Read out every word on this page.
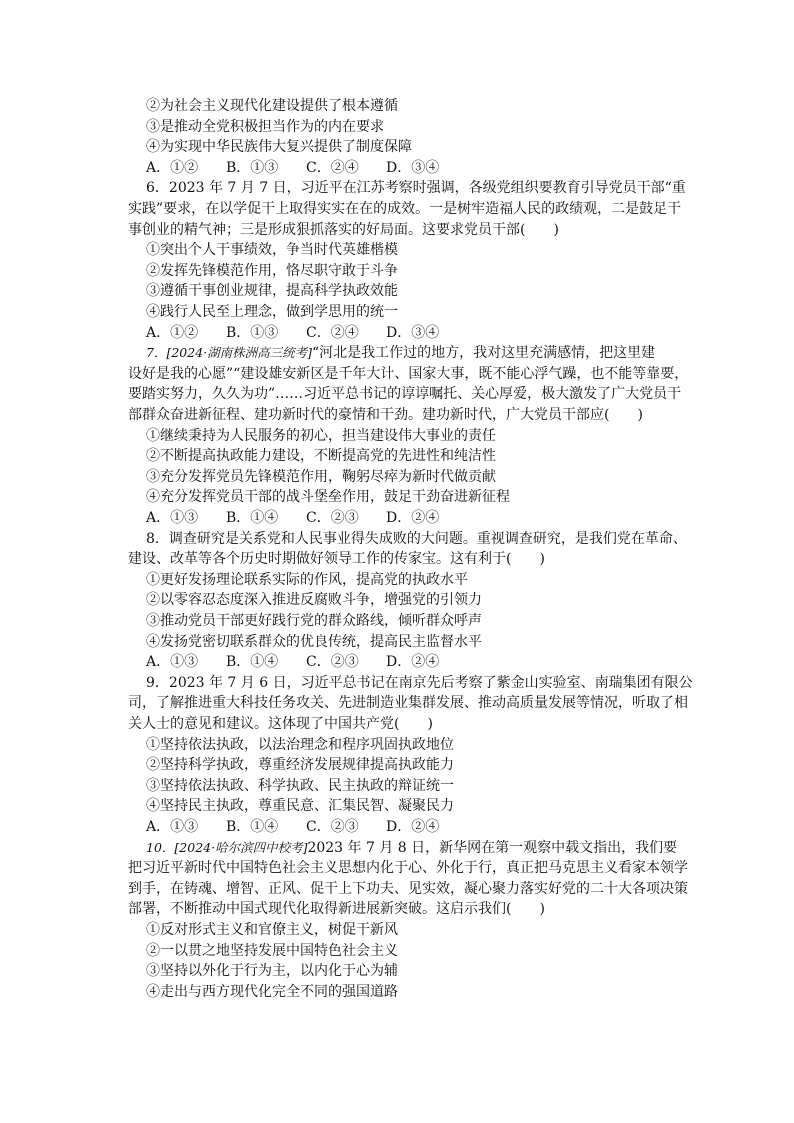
②为社会主义现代化建设提供了根本遵循
③是推动全党积极担当作为的内在要求
④为实现中华民族伟大复兴提供了制度保障
A．①② B．①③ C．②④ D．③④
6．2023 年 7 月 7 日，习近平在江苏考察时强调，各级党组织要教育引导党员干部“重
实践”要求，在以学促干上取得实实在在的成效。一是树牢造福人民的政绩观，二是鼓足干
事创业的精气神；三是形成狠抓落实的好局面。这要求党员干部(　　)
①突出个人干事绩效，争当时代英雄楷模
②发挥先锋模范作用，恪尽职守敢于斗争
③遵循干事创业规律，提高科学执政效能
④践行人民至上理念，做到学思用的统一
A．①② B．①③ C．②④ D．③④
7．[2024·湖南株洲高三统考]“河北是我工作过的地方，我对这里充满感情，把这里建
设好是我的心愿”“建设雄安新区是千年大计、国家大事，既不能心浮气躁，也不能等靠要，
要踏实努力，久久为功”……习近平总书记的谆谆嘱托、关心厚爱，极大激发了广大党员干
部群众奋进新征程、建功新时代的豪情和干劲。建功新时代，广大党员干部应(　　)
①继续秉持为人民服务的初心，担当建设伟大事业的责任
②不断提高执政能力建设，不断提高党的先进性和纯洁性
③充分发挥党员先锋模范作用，鞠躬尽瘁为新时代做贡献
④充分发挥党员干部的战斗堡垒作用，鼓足干劲奋进新征程
A．①③ B．①④ C．②③ D．②④
8．调查研究是关系党和人民事业得失成败的大问题。重视调查研究，是我们党在革命、
建设、改革等各个历史时期做好领导工作的传家宝。这有利于(　　)
①更好发扬理论联系实际的作风，提高党的执政水平
②以零容忍态度深入推进反腐败斗争，增强党的引领力
③推动党员干部更好践行党的群众路线，倾听群众呼声
④发扬党密切联系群众的优良传统，提高民主监督水平
A．①③ B．①④ C．②③ D．②④
9．2023 年 7 月 6 日，习近平总书记在南京先后考察了紫金山实验室、南瑞集团有限公
司，了解推进重大科技任务攻关、先进制造业集群发展、推动高质量发展等情况，听取了相
关人士的意见和建议。这体现了中国共产党(　　)
①坚持依法执政，以法治理念和程序巩固执政地位
②坚持科学执政，尊重经济发展规律提高执政能力
③坚持依法执政、科学执政、民主执政的辩证统一
④坚持民主执政，尊重民意、汇集民智、凝聚民力
A．①③ B．①④ C．②③ D．②④
10．[2024·哈尔滨四中校考]2023 年 7 月 8 日，新华网在第一观察中载文指出，我们要
把习近平新时代中国特色社会主义思想内化于心、外化于行，真正把马克思主义看家本领学
到手，在铸魂、增智、正风、促干上下功夫、见实效，凝心聚力落实好党的二十大各项决策
部署，不断推动中国式现代化取得新进展新突破。这启示我们(　　)
①反对形式主义和官僚主义，树促干新风
②一以贯之地坚持发展中国特色社会主义
③坚持以外化于行为主，以内化于心为辅
④走出与西方现代化完全不同的强国道路
